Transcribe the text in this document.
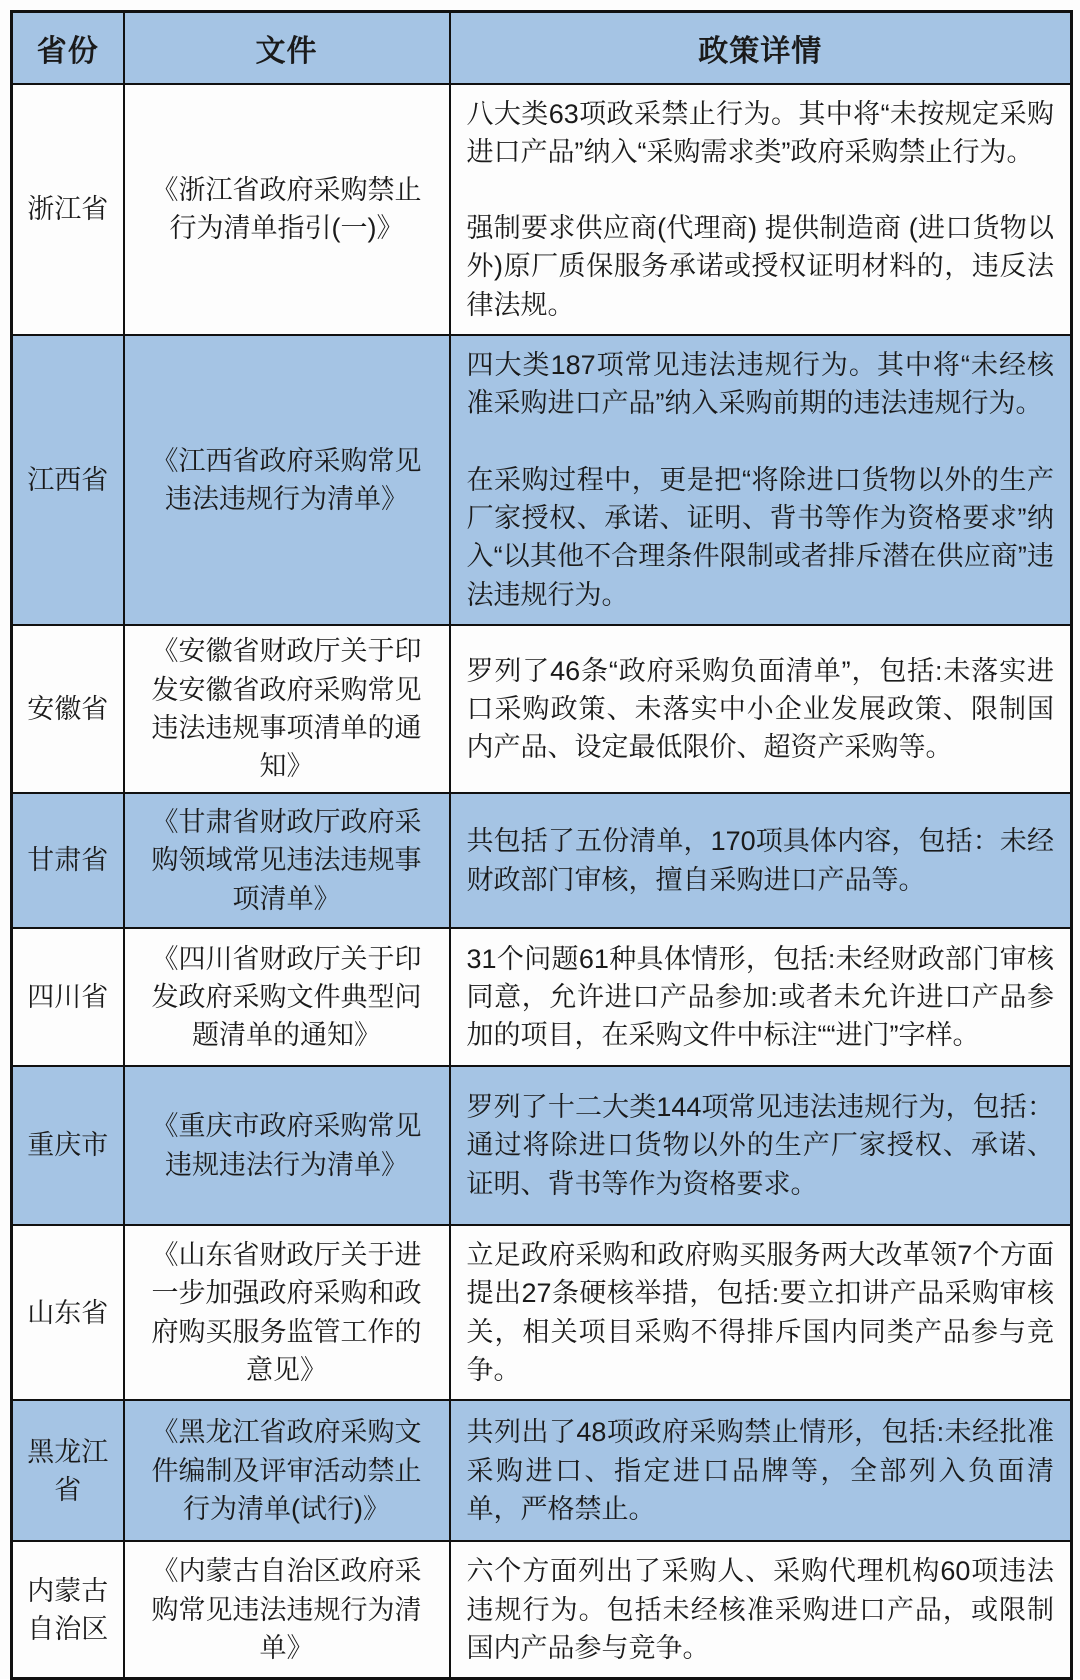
省份	文件	政策详情
浙江省	《浙江省政府采购禁止行为清单指引(一)》	八大类63项政采禁止行为。其中将“未按规定采购进口产品”纳入“采购需求类”政府采购禁止行为。

强制要求供应商(代理商) 提供制造商 (进口货物以外)原厂质保服务承诺或授权证明材料的，违反法律法规。

江西省	《江西省政府采购常见违法违规行为清单》	四大类187项常见违法违规行为。其中将“未经核准采购进口产品”纳入采购前期的违法违规行为。

在采购过程中，更是把“将除进口货物以外的生产厂家授权、承诺、证明、背书等作为资格要求”纳入“以其他不合理条件限制或者排斥潜在供应商”违法违规行为。

安徽省	《安徽省财政厅关于印发安徽省政府采购常见违法违规事项清单的通知》	罗列了46条“政府采购负面清单”，包括:未落实进口采购政策、未落实中小企业发展政策、限制国内产品、设定最低限价、超资产采购等。

甘肃省	《甘肃省财政厅政府采购领域常见违法违规事项清单》	共包括了五份清单，170项具体内容，包括：未经财政部门审核，擅自采购进口产品等。

四川省	《四川省财政厅关于印发政府采购文件典型问题清单的通知》	31个问题61种具体情形，包括:未经财政部门审核同意，允许进口产品参加:或者未允许进口产品参加的项目，在采购文件中标注““进门”字样。

重庆市	《重庆市政府采购常见违规违法行为清单》	罗列了十二大类144项常见违法违规行为，包括：通过将除进口货物以外的生产厂家授权、承诺、证明、背书等作为资格要求。

山东省	《山东省财政厅关于进一步加强政府采购和政府购买服务监管工作的意见》	立足政府采购和政府购买服务两大改革领7个方面提出27条硬核举措，包括:要立扣讲产品采购审核关，相关项目采购不得排斥国内同类产品参与竞争。

黑龙江省	《黑龙江省政府采购文件编制及评审活动禁止行为清单(试行)》	共列出了48项政府采购禁止情形，包括:未经批准采购进口、指定进口品牌等，全部列入负面清单，严格禁止。

内蒙古自治区	《内蒙古自治区政府采购常见违法违规行为清单》	六个方面列出了采购人、采购代理机构60项违法违规行为。包括未经核准采购进口产品，或限制国内产品参与竞争。
